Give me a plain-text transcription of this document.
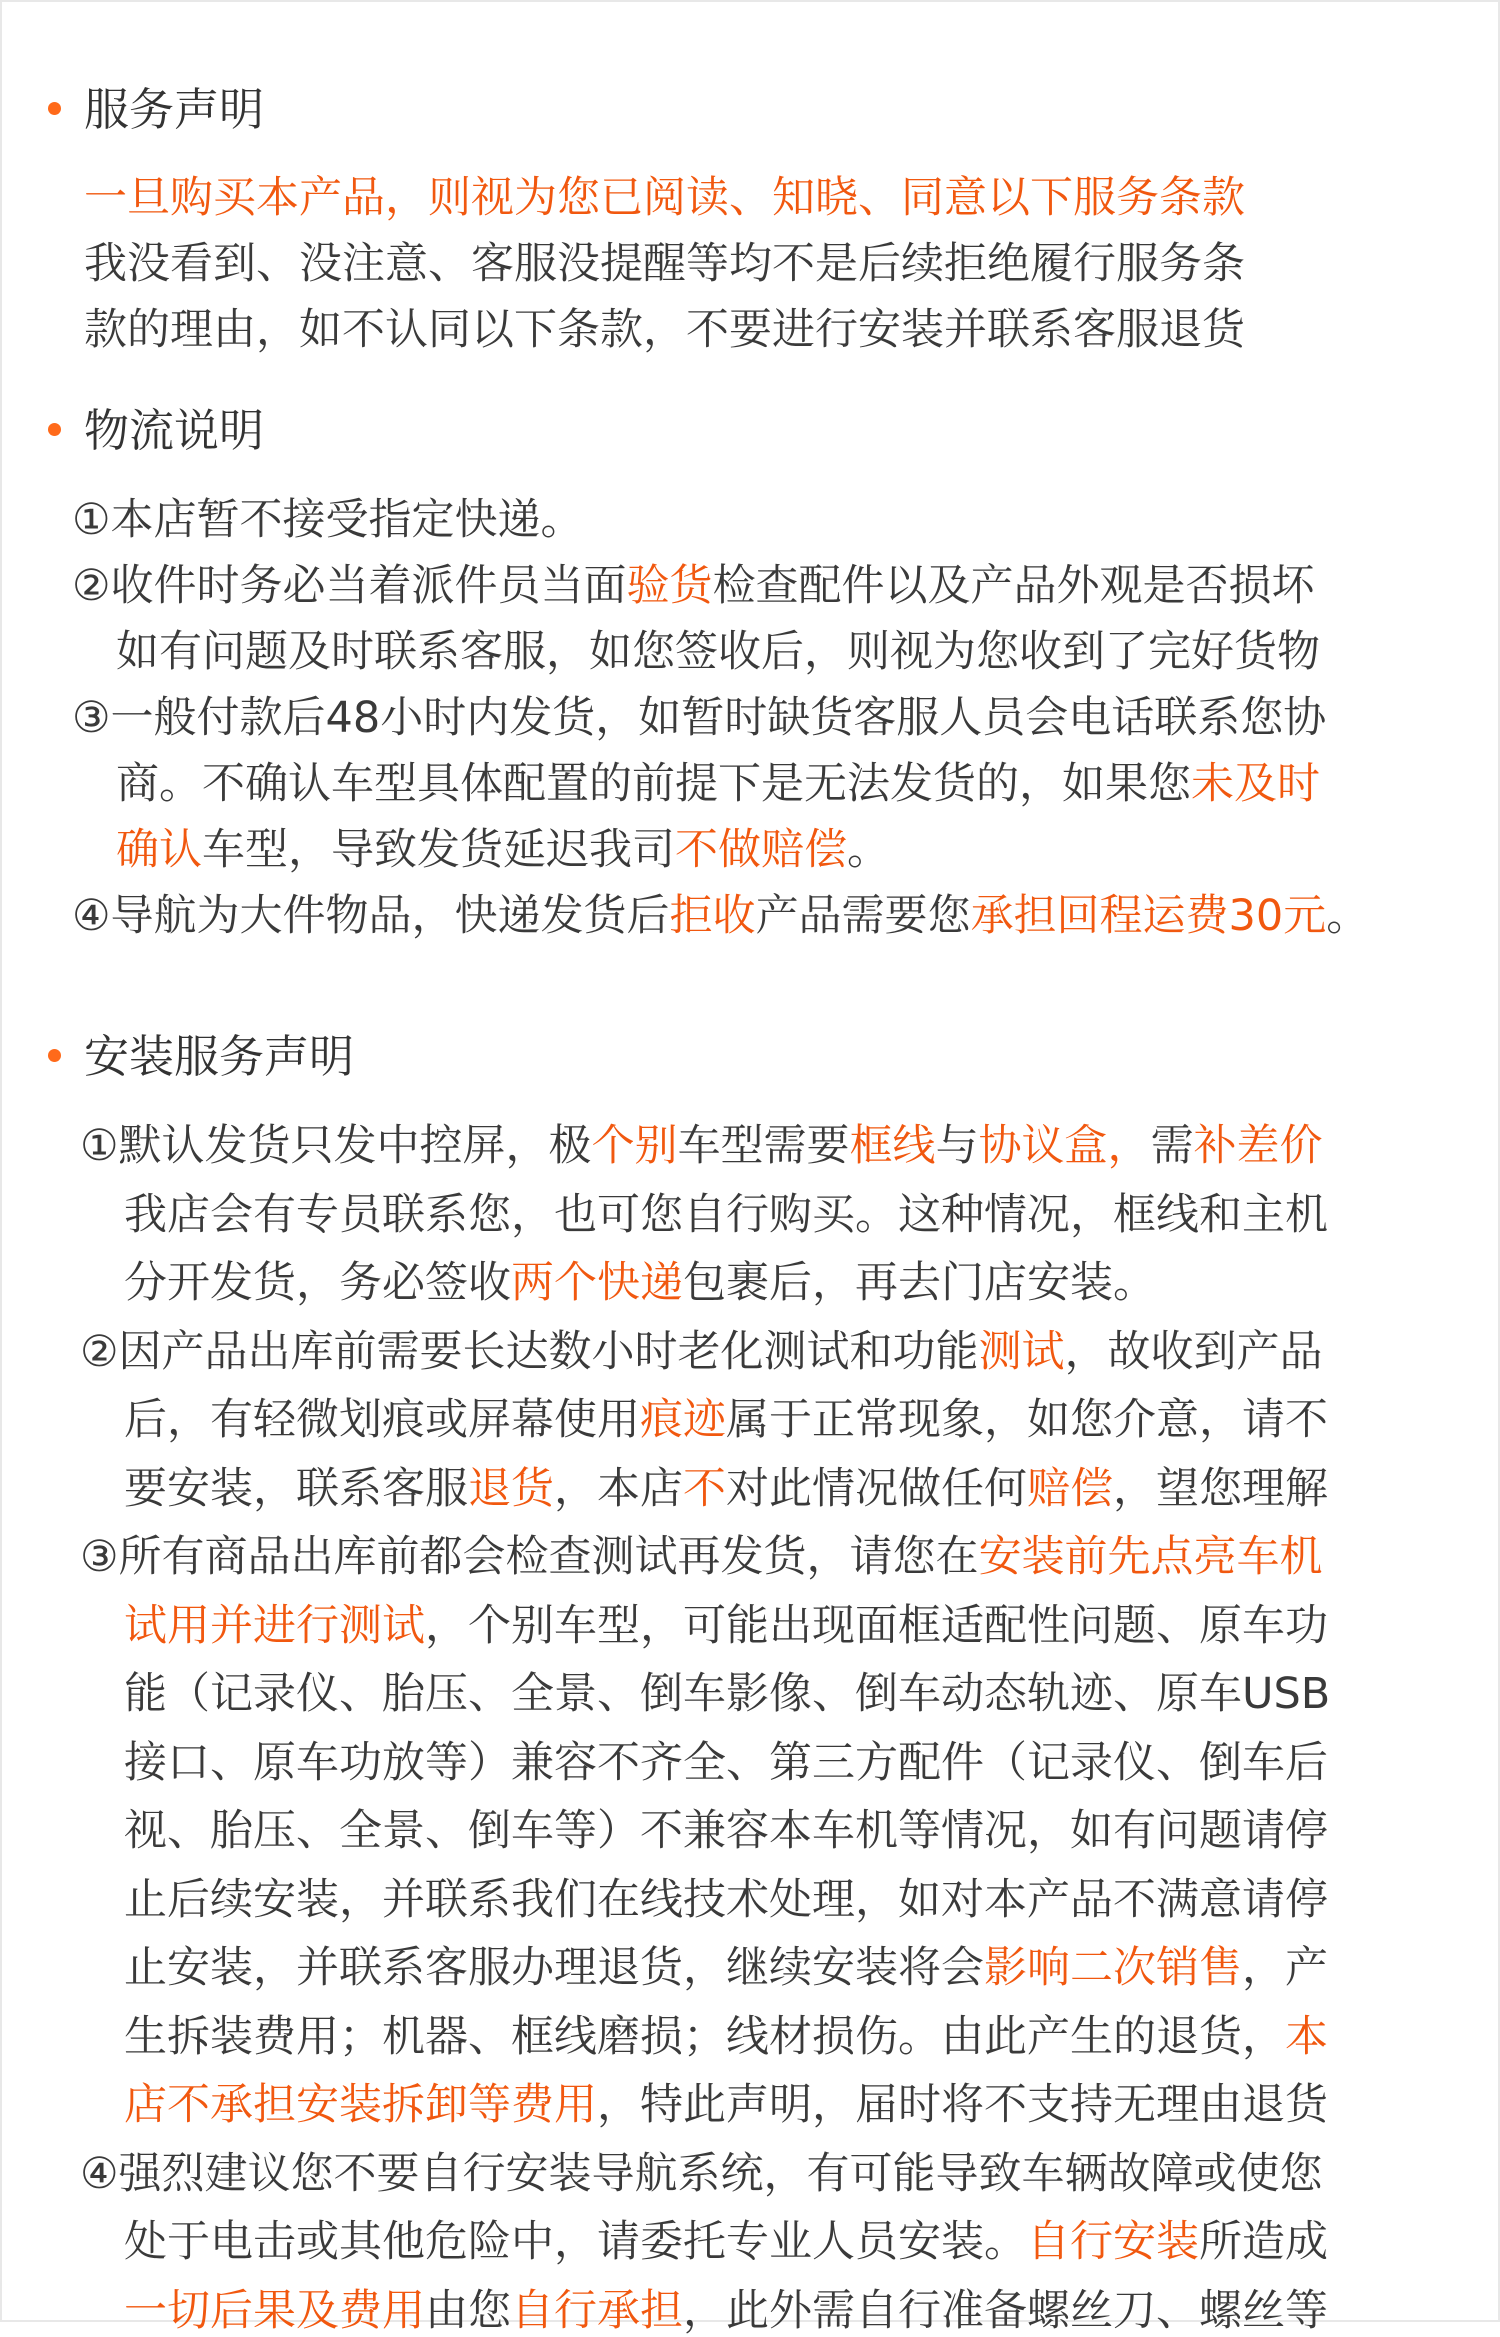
服务声明
一旦购买本产品，则视为您已阅读、知晓、同意以下服务条款
我没看到、没注意、客服没提醒等均不是后续拒绝履行服务条
款的理由，如不认同以下条款，不要进行安装并联系客服退货
物流说明
①本店暂不接受指定快递。
②收件时务必当着派件员当面验货检查配件以及产品外观是否损坏
如有问题及时联系客服，如您签收后，则视为您收到了完好货物
③一般付款后48小时内发货，如暂时缺货客服人员会电话联系您协
商。不确认车型具体配置的前提下是无法发货的，如果您未及时
确认车型，导致发货延迟我司不做赔偿。
④导航为大件物品，快递发货后拒收产品需要您承担回程运费30元。
安装服务声明
①默认发货只发中控屏，极个别车型需要框线与协议盒，需补差价
我店会有专员联系您，也可您自行购买。这种情况，框线和主机
分开发货，务必签收两个快递包裹后，再去门店安装。
②因产品出库前需要长达数小时老化测试和功能测试，故收到产品
后，有轻微划痕或屏幕使用痕迹属于正常现象，如您介意，请不
要安装，联系客服退货，本店不对此情况做任何赔偿，望您理解
③所有商品出库前都会检查测试再发货，请您在安装前先点亮车机
试用并进行测试，个别车型，可能出现面框适配性问题、原车功
能（记录仪、胎压、全景、倒车影像、倒车动态轨迹、原车USB
接口、原车功放等）兼容不齐全、第三方配件（记录仪、倒车后
视、胎压、全景、倒车等）不兼容本车机等情况，如有问题请停
止后续安装，并联系我们在线技术处理，如对本产品不满意请停
止安装，并联系客服办理退货，继续安装将会影响二次销售，产
生拆装费用；机器、框线磨损；线材损伤。由此产生的退货，本
店不承担安装拆卸等费用，特此声明，届时将不支持无理由退货
④强烈建议您不要自行安装导航系统，有可能导致车辆故障或使您
处于电击或其他危险中，请委托专业人员安装。自行安装所造成
一切后果及费用由您自行承担，此外需自行准备螺丝刀、螺丝等
